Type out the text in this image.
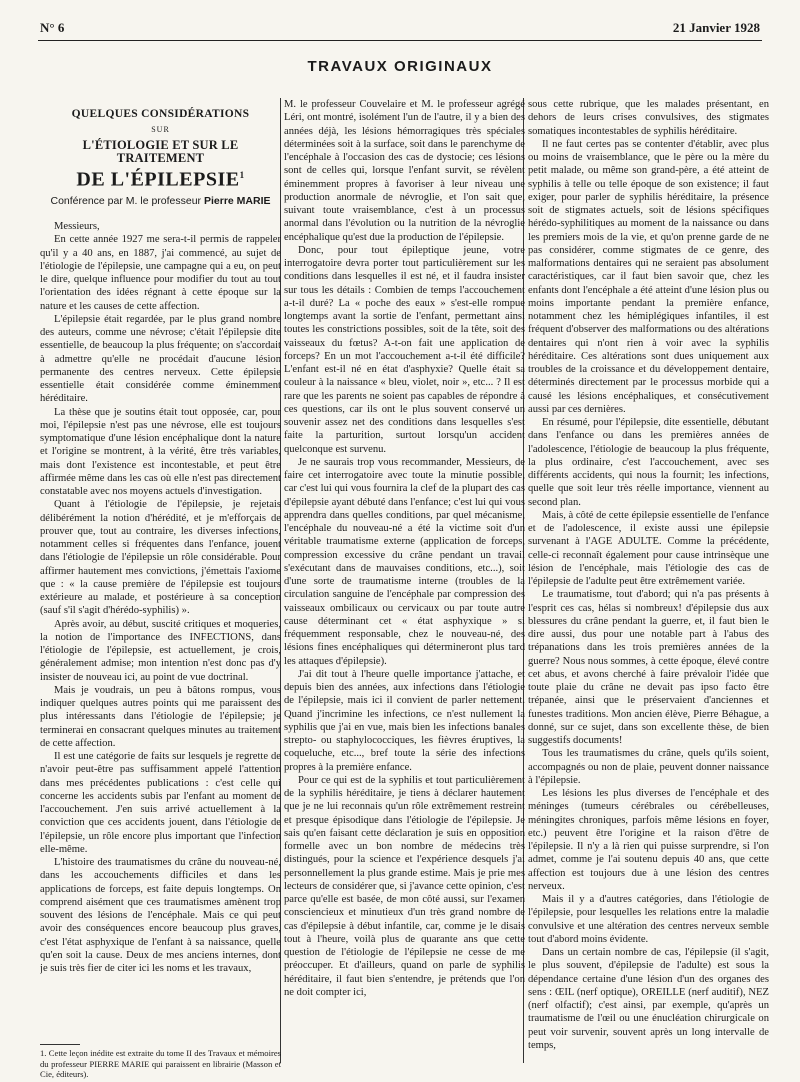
N° 6	21 Janvier 1928
TRAVAUX ORIGINAUX
QUELQUES CONSIDÉRATIONS
SUR
L'ÉTIOLOGIE ET SUR LE TRAITEMENT
DE L'ÉPILEPSIE$^1$
Conférence par M. le professeur Pierre MARIE

Messieurs,

En cette année 1927 me sera-t-il permis de rappeler qu'il y a 40 ans, en 1887, j'ai commencé, au sujet de l'étiologie de l'épilepsie, une campagne qui a eu, on peut le dire, quelque influence pour modifier du tout au tout l'orientation des idées régnant à cette époque sur la nature et les causes de cette affection.

L'épilepsie était regardée, par le plus grand nombre des auteurs, comme une névrose; c'était l'épilepsie dite essentielle, de beaucoup la plus fréquente; on s'accordait à admettre qu'elle ne procédait d'aucune lésion permanente des centres nerveux. Cette épilepsie essentielle était considérée comme éminemment héréditaire.

La thèse que je soutins était tout opposée, car, pour moi, l'épilepsie n'est pas une névrose, elle est toujours symptomatique d'une lésion encéphalique dont la nature et l'origine se montrent, à la vérité, être très variables, mais dont l'existence est incontestable, et peut être affirmée même dans les cas où elle n'est pas directement constatable avec nos moyens actuels d'investigation.

Quant à l'étiologie de l'épilepsie, je rejetais délibérément la notion d'hérédité, et je m'efforçais de prouver que, tout au contraire, les diverses infections, notamment celles si fréquentes dans l'enfance, jouent dans l'étiologie de l'épilepsie un rôle considérable. Pour affirmer hautement mes convictions, j'émettais l'axiome que : « la cause première de l'épilepsie est toujours extérieure au malade, et postérieure à sa conception (sauf s'il s'agit d'hérédo-syphilis) ».

Après avoir, au début, suscité critiques et moqueries, la notion de l'importance des INFECTIONS, dans l'étiologie de l'épilepsie, est actuellement, je crois, généralement admise; mon intention n'est donc pas d'y insister de nouveau ici, au point de vue doctrinal.

Mais je voudrais, un peu à bâtons rompus, vous indiquer quelques autres points qui me paraissent des plus intéressants dans l'étiologie de l'épilepsie; je terminerai en consacrant quelques minutes au traitement de cette affection.

Il est une catégorie de faits sur lesquels je regrette de n'avoir peut-être pas suffisamment appelé l'attention dans mes précédentes publications : c'est celle qui concerne les accidents subis par l'enfant au moment de l'accouchement. J'en suis arrivé actuellement à la conviction que ces accidents jouent, dans l'étiologie de l'épilepsie, un rôle encore plus important que l'infection elle-même.

L'histoire des traumatismes du crâne du nouveau-né, dans les accouchements difficiles et dans les applications de forceps, est faite depuis longtemps. On comprend aisément que ces traumatismes amènent trop souvent des lésions de l'encéphale. Mais ce qui peut avoir des conséquences encore beaucoup plus graves, c'est l'état asphyxique de l'enfant à sa naissance, quelle qu'en soit la cause. Deux de mes anciens internes, dont je suis très fier de citer ici les noms et les travaux,

M. le professeur Couvelaire et M. le professeur agrégé Léri, ont montré, isolément l'un de l'autre, il y a bien des années déjà, les lésions hémorragiques très spéciales déterminées soit à la surface, soit dans le parenchyme de l'encéphale à l'occasion des cas de dystocie; ces lésions sont de celles qui, lorsque l'enfant survit, se révèlent éminemment propres à favoriser à leur niveau une production anormale de névroglie, et l'on sait que, suivant toute vraisemblance, c'est à un processus anormal dans l'évolution ou la nutrition de la névroglie encéphalique qu'est due la production de l'épilepsie.

Donc, pour tout épileptique jeune, votre interrogatoire devra porter tout particulièrement sur les conditions dans lesquelles il est né, et il faudra insister sur tous les détails : Combien de temps l'accouchement a-t-il duré? La « poche des eaux » s'est-elle rompue longtemps avant la sortie de l'enfant, permettant ainsi toutes les constrictions possibles, soit de la tête, soit des vaisseaux du fœtus? A-t-on fait une application de forceps? En un mot l'accouchement a-t-il été difficile? L'enfant est-il né en état d'asphyxie? Quelle était sa couleur à la naissance « bleu, violet, noir », etc... ? Il est rare que les parents ne soient pas capables de répondre à ces questions, car ils ont le plus souvent conservé un souvenir assez net des conditions dans lesquelles s'est faite la parturition, surtout lorsqu'un accident quelconque est survenu.

Je ne saurais trop vous recommander, Messieurs, de faire cet interrogatoire avec toute la minutie possible, car c'est lui qui vous fournira la clef de la plupart des cas d'épilepsie ayant débuté dans l'enfance; c'est lui qui vous apprendra dans quelles conditions, par quel mécanisme, l'encéphale du nouveau-né a été la victime soit d'un véritable traumatisme externe (application de forceps, compression excessive du crâne pendant un travail s'exécutant dans de mauvaises conditions, etc...), soit d'une sorte de traumatisme interne (troubles de la circulation sanguine de l'encéphale par compression des vaisseaux ombilicaux ou cervicaux ou par toute autre cause déterminant cet « état asphyxique » si fréquemment responsable, chez le nouveau-né, des lésions fines encéphaliques qui détermineront plus tard les attaques d'épilepsie).

J'ai dit tout à l'heure quelle importance j'attache, et depuis bien des années, aux infections dans l'étiologie de l'épilepsie, mais ici il convient de parler nettement. Quand j'incrimine les infections, ce n'est nullement la syphilis que j'ai en vue, mais bien les infections banales strepto- ou staphylococciques, les fièvres éruptives, la coqueluche, etc..., bref toute la série des infections propres à la première enfance.

Pour ce qui est de la syphilis et tout particulièrement de la syphilis héréditaire, je tiens à déclarer hautement que je ne lui reconnais qu'un rôle extrêmement restreint et presque épisodique dans l'étiologie de l'épilepsie. Je sais qu'en faisant cette déclaration je suis en opposition formelle avec un bon nombre de médecins très distingués, pour la science et l'expérience desquels j'ai personnellement la plus grande estime. Mais je prie mes lecteurs de considérer que, si j'avance cette opinion, c'est parce qu'elle est basée, de mon côté aussi, sur l'examen consciencieux et minutieux d'un très grand nombre de cas d'épilepsie à début infantile, car, comme je le disais tout à l'heure, voilà plus de quarante ans que cette question de l'étiologie de l'épilepsie ne cesse de me préoccuper. Et d'ailleurs, quand on parle de syphilis héréditaire, il faut bien s'entendre, je prétends que l'on ne doit compter ici,

sous cette rubrique, que les malades présentant, en dehors de leurs crises convulsives, des stigmates somatiques incontestables de syphilis héréditaire.

Il ne faut certes pas se contenter d'établir, avec plus ou moins de vraisemblance, que le père ou la mère du petit malade, ou même son grand-père, a été atteint de syphilis à telle ou telle époque de son existence; il faut exiger, pour parler de syphilis héréditaire, la présence soit de stigmates actuels, soit de lésions spécifiques hérédo-syphilitiques au moment de la naissance ou dans les premiers mois de la vie, et qu'on prenne garde de ne pas considérer, comme stigmates de ce genre, des malformations dentaires qui ne seraient pas absolument caractéristiques, car il faut bien savoir que, chez les enfants dont l'encéphale a été atteint d'une lésion plus ou moins importante pendant la première enfance, notamment chez les hémiplégiques infantiles, il est fréquent d'observer des malformations ou des altérations dentaires qui n'ont rien à voir avec la syphilis héréditaire. Ces altérations sont dues uniquement aux troubles de la croissance et du développement dentaire, déterminés directement par le processus morbide qui a causé les lésions encéphaliques, et consécutivement aussi par ces dernières.

En résumé, pour l'épilepsie, dite essentielle, débutant dans l'enfance ou dans les premières années de l'adolescence, l'étiologie de beaucoup la plus fréquente, la plus ordinaire, c'est l'accouchement, avec ses différents accidents, qui nous la fournit; les infections, quelle que soit leur très réelle importance, viennent au second plan.

Mais, à côté de cette épilepsie essentielle de l'enfance et de l'adolescence, il existe aussi une épilepsie survenant à l'AGE ADULTE. Comme la précédente, celle-ci reconnaît également pour cause intrinsèque une lésion de l'encéphale, mais l'étiologie des cas de l'épilepsie de l'adulte peut être extrêmement variée.

Le traumatisme, tout d'abord; qui n'a pas présents à l'esprit ces cas, hélas si nombreux! d'épilepsie dus aux blessures du crâne pendant la guerre, et, il faut bien le dire aussi, dus pour une notable part à l'abus des trépanations dans les trois premières années de la guerre? Nous nous sommes, à cette époque, élevé contre cet abus, et avons cherché à faire prévaloir l'idée que toute plaie du crâne ne devait pas ipso facto être trépanée, ainsi que le préservaient d'anciennes et funestes traditions. Mon ancien élève, Pierre Béhague, a donné, sur ce sujet, dans son excellente thèse, de bien suggestifs documents!

Tous les traumatismes du crâne, quels qu'ils soient, accompagnés ou non de plaie, peuvent donner naissance à l'épilepsie.

Les lésions les plus diverses de l'encéphale et des méninges (tumeurs cérébrales ou cérébelleuses, méningites chroniques, parfois même lésions en foyer, etc.) peuvent être l'origine et la raison d'être de l'épilepsie. Il n'y a là rien qui puisse surprendre, si l'on admet, comme je l'ai soutenu depuis 40 ans, que cette affection est toujours due à une lésion des centres nerveux.

Mais il y a d'autres catégories, dans l'étiologie de l'épilepsie, pour lesquelles les relations entre la maladie convulsive et une altération des centres nerveux semble tout d'abord moins évidente.

Dans un certain nombre de cas, l'épilepsie (il s'agit, le plus souvent, d'épilepsie de l'adulte) est sous la dépendance certaine d'une lésion d'un des organes des sens : ŒIL (nerf optique), OREILLE (nerf auditif), NEZ (nerf olfactif); c'est ainsi, par exemple, qu'après un traumatisme de l'œil ou une énucléation chirurgicale on peut voir survenir, souvent après un long intervalle de temps,

1. Cette leçon inédite est extraite du tome II des Travaux et mémoires du professeur PIERRE MARIE qui paraissent en librairie (Masson et Cie, éditeurs).
